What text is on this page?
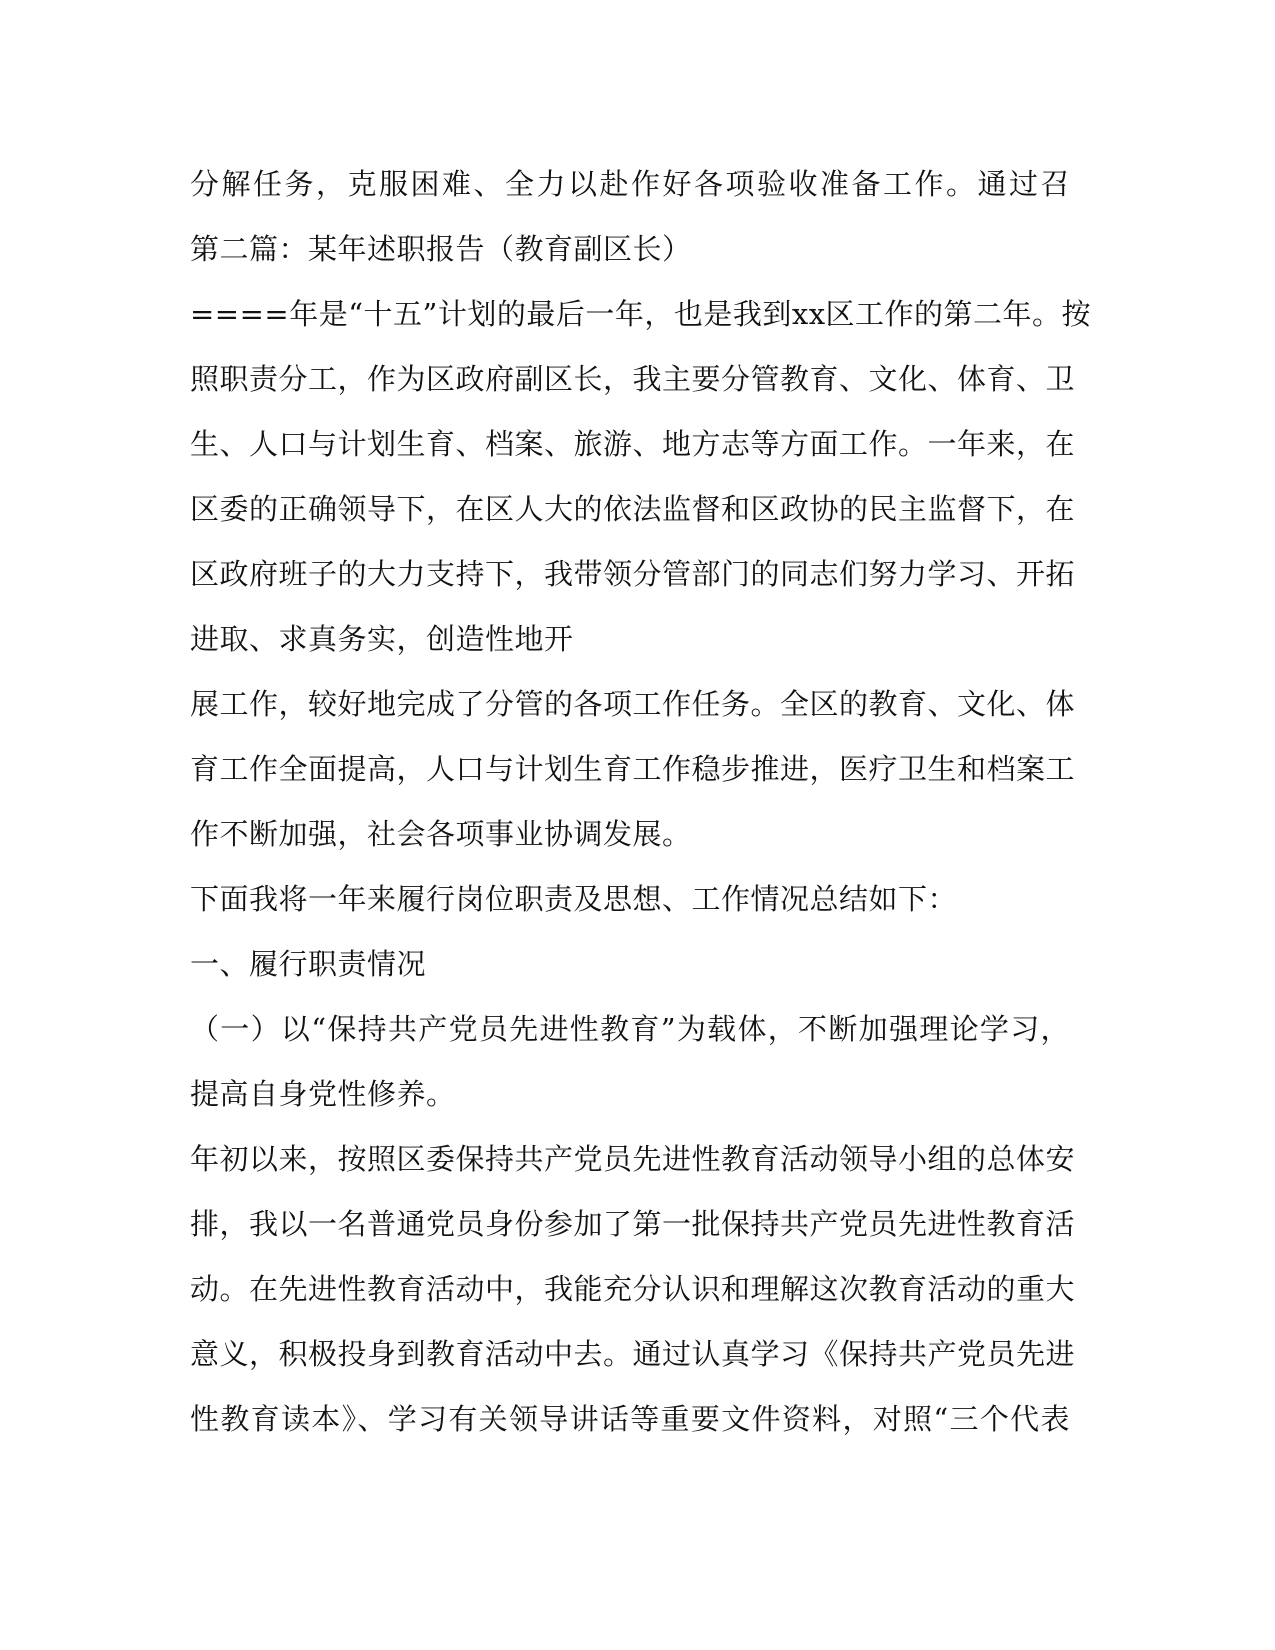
分解任务，克服困难、全力以赴作好各项验收准备工作。通过召
第二篇：某年述职报告（教育副区长）
====年是“十五”计划的最后一年，也是我到xx区工作的第二年。按
照职责分工，作为区政府副区长，我主要分管教育、文化、体育、卫
生、人口与计划生育、档案、旅游、地方志等方面工作。一年来，在
区委的正确领导下，在区人大的依法监督和区政协的民主监督下，在
区政府班子的大力支持下，我带领分管部门的同志们努力学习、开拓
进取、求真务实，创造性地开
展工作，较好地完成了分管的各项工作任务。全区的教育、文化、体
育工作全面提高，人口与计划生育工作稳步推进，医疗卫生和档案工
作不断加强，社会各项事业协调发展。
下面我将一年来履行岗位职责及思想、工作情况总结如下：
一、履行职责情况
（一）以“保持共产党员先进性教育”为载体，不断加强理论学习，
提高自身党性修养。
年初以来，按照区委保持共产党员先进性教育活动领导小组的总体安
排，我以一名普通党员身份参加了第一批保持共产党员先进性教育活
动。在先进性教育活动中，我能充分认识和理解这次教育活动的重大
意义，积极投身到教育活动中去。通过认真学习《保持共产党员先进
性教育读本》、学习有关领导讲话等重要文件资料，对照“三个代表
